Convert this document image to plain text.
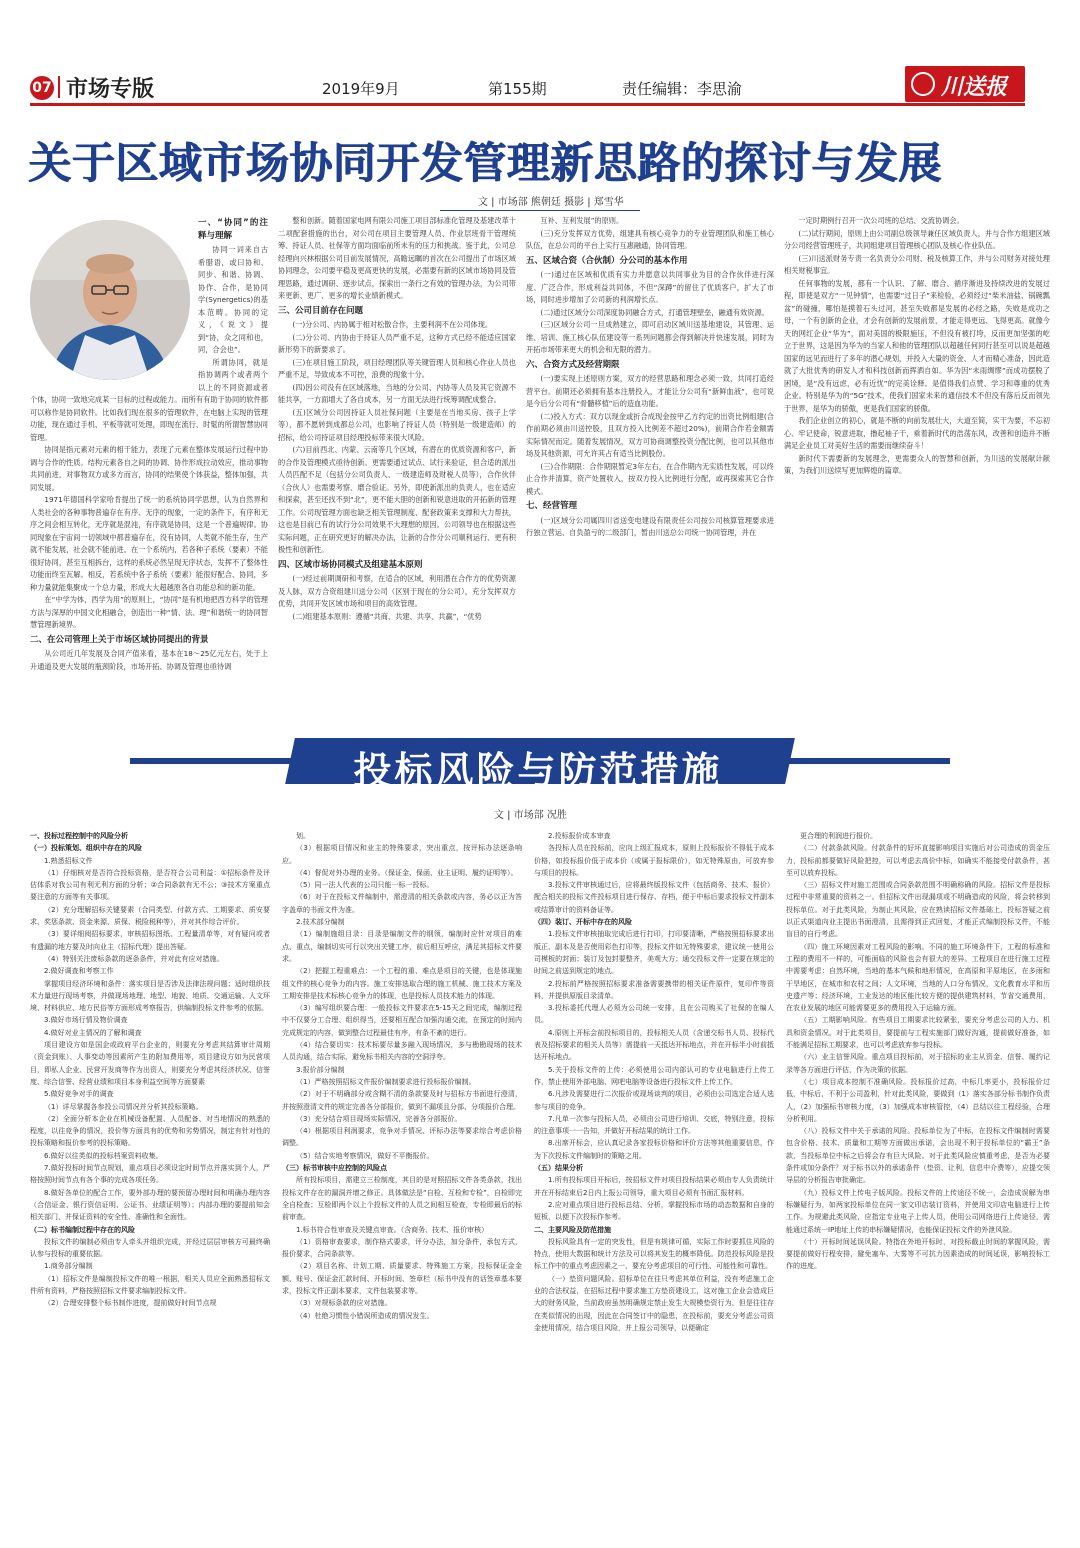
07 市场专版	2019年9月	第155期	责任编辑：李思渝	川送报
关于区域市场协同开发管理新思路的探讨与发展
文 | 市场部 熊朝廷 摄影 | 郑雪华
一、“协同”的注释与理解

协同一词来自古希腊语，或曰协和、同步、和谐、协调、协作、合作，是协同学(Synergetics)的基本范畴。协同的定义，《说文》提到“协，众之同和也，同，合会也”。

所谓协同，就是指协调两个或者两个以上的不同资源或者个体，协同一致地完成某一目标的过程或能力。而所有有助于协同的软件都可以称作是协同软件。比如我们现在很多的管理软件，在电脑上实现的管理功能，现在通过手机、平板等就可处理，即现在流行、时髦的所谓智慧协同管理。

协同是指元素对元素的相干能力，表现了元素在整体发展运行过程中协调与合作的性质。结构元素各自之间的协调、协作形成拉动效应，推动事物共同前进，对事物双方或多方而言，协同的结果使个体获益，整体加强，共同发展。

1971年德国科学家哈肯提出了统一的系统协同学思想，认为自然界和人类社会的各种事物普遍存在有序、无序的现象，一定的条件下，有序和无序之间会相互转化，无序就是混沌，有序就是协同，这是一个普遍规律。协同现象在宇宙间一切领域中都普遍存在，没有协同，人类就不能生存，生产就不能发展，社会就不能前进。在一个系统内，若各种子系统（要素）不能很好协同，甚至互相拆台，这样的系统必然呈现无序状态，发挥不了整体性功能而终至瓦解。相反，若系统中各子系统（要素）能很好配合、协同，多种力量就能集聚成一个总力量，形成大大超越原各自功能总和的新功能。

在“中学为体，西学为用”的原则上，“协同”是有机地把西方科学的管理方法与深厚的中国文化相融合，创造出一种“情、法、理”和谐统一的协同智慧管理新境界。

二、在公司管理上关于市场区域协同提出的背景

从公司近几年发展及合同产值来看，基本在18～25亿元左右，处于上升通道及更大发展的瓶颈阶段，市场开拓、协调及管理也亟待调

整和创新。随着国家电网有限公司施工项目部标准化管理及基建改革十二项配套措施的出台，对公司在项目主要管理人员、作业层班骨干管理统筹、持证人员、社保等方面均面临前所未有的压力和挑战。鉴于此，公司总经理向兴林根据公司目前发展情况，高瞻远瞩的首次在公司提出了市场区域协同理念，公司要平稳及更高更快的发展，必需要有新的区域市场协同及管理思路，通过调研、逐步试点，探索出一条行之有效的管理办法，为公司带来更新、更广、更多的增长业绩新模式。

三、公司目前存在问题

(一)分公司、内协属于相对松散合作，主要利润不在公司体现。

(二)分公司、内协由于持证人员严重不足，这种方式已经不能适应国家新形势下的新要求了。

(三)在项目施工阶段，项目经理团队等关键管理人员和核心作业人员也严重不足，导致成本不可控，浪费的现象十分。

(四)因公司没有在区域落地，当地的分公司、内协等人员及其它资源不能共享，一方面增大了各自成本，另一方面无法进行统筹调配成整合。

(五)区域分公司因持证人员社保问题（主要是在当地买房、孩子上学等），都不愿转到成都总公司，也影响了持证人员（特别是一级建造师）的招标，给公司持证项目经理投标带来很大风险。

(六)目前西北、内蒙、云南等几个区域，有潜在的优质资源和客户，新的合作及管理模式亟待创新。更需要通过试点、试行来验证，但合适的派出人员匹配不足（包括分公司负责人、一级建造师及财税人员等），合作伙伴（合伙人）也需要考察、磨合验证。另外，即使新派出的负责人，也在适应和探索，甚至还找不到“北”，更不能大胆的创新和锐意进取的开拓新的管理工作。公司现管理方面也缺乏相关管理制度、配套政策来支撑和大力帮扶，这也是目前已有的试行分公司效果不大理想的原因。公司领导也在根据这些实际问题，正在研究更好的解决办法，让新的合作分公司顺利运行、更有积极性和创新性。

四、区域市场协同模式及组建基本原则

(一)经过前期调研和考察，在适合的区域，利用潜在合作方的优势资源及人脉，双方合资组建川送分公司（区别于现在的分公司），充分发挥双方优势，共同开发区域市场和项目的高效管理。

(二)组建基本原则：遵循“共商、共建、共享、共赢”，“优势

互补、互利发展”的原则。

(三)充分发挥双方优势，组建具有核心竞争力的专业管理团队和施工核心队伍，在总公司的平台上实行互惠融通，协同管理。

五、区域合资（合伙制）分公司的基本作用

(一)通过在区域和优质有实力并愿意以共同事业为目的合作伙伴进行深度、广泛合作，形成利益共同体，不但“深蹲”的留住了优质客户，扩大了市场，同时进步增加了公司新的利润增长点。

(二)通过区域分公司深度协同融合方式，打通管理壁垒，融通有效资源。

(三)区域分公司一旦成熟建立，即可启动区域川送基地建设，其管理、运维、培训、施工核心队伍建设等一系列问题都会得到解决并快速发展，同时为开拓市场带来更大的机会和无限的潜力。

六、合资方式及经营期限

(一)要实现上述原则方案，双方的经营思路和理念必须一致，共同打造经营平台。前期还必须拥有基本注册投入，才能让分公司有“新鲜血液”，也可说是今后分公司有“骨髓移植”后的造血功能。

(二)投入方式：双方以现金或折合成现金按甲乙方约定的出资比例组建(合作前期必须由川送控股，且双方投入比例差不超过20%)，前期合作若金额需实际情况而定。随着发展情况，双方可协商调整投资分配比例，也可以其他市场及其他资源，可允许其占有适当比例股份。

(三)合作期限：合作期限暂定3年左右，在合作期内无实质性发展，可以终止合作并清算，资产处置收入，按双方投入比例进行分配，或再探索其它合作模式。

七、经营管理

(一)区域分公司属四川省送变电建设有限责任公司按公司核算管理要求进行独立营运、自负盈亏的二级部门，暂由川送总公司统一协同管理，并在

一定时期例行召开一次公司班的总结、交流协调会。

(二)试行期间，原则上由公司副总级领导兼任区域负责人，并与合作方组建区域分公司经营管理班子，共同组建项目管理核心团队及核心作业队伍。

(三)川送派财务专责一名负责分公司财、税及核算工作，并与公司财务对接处理相关财税事宜。

任何事物的发展，都有一个认识、了解、磨合、循序渐进及持续改进的发展过程，即使是双方“一见钟情”，也需要“过日子”来检验，必须经过“柴米油盐、锅碗瓢盆”的碰撞，哪怕是摸着石头过河，甚至失败都是发展的必经之路，失败是成功之母，一个有创新的企业，才会有创新的发展前景，才能走得更远、飞得更高。就像今天的网红企业“华为”，面对美国的极限施压，不但没有被打垮，反而更加坚强的屹立于世界，这是因为华为的当家人和他的管理团队以超越任何同行甚至可以说是超越国家的远见而进行了多年的潜心规划，并投入大量的资金、人才而精心准备，因此造就了大批优秀的研发人才和科技创新而挥洒自如。华为因“未雨绸缪”而成功摆脱了困境，是“没有远虑，必有近忧”的完美诠释。是值得我们点赞、学习和尊重的优秀企业。特别是华为的“5G”技术，使我们国家未来的通信技术不但没有落后反而领先于世界，是华为的骄傲，更是我们国家的骄傲。

我们企业创立的初心，就是不断的向前发展壮大，大道至简，实干为要，不忘初心、牢记使命，锐意进取，撸起袖子干，乘着新时代的浩荡东风，改善和创造并不断满足企业员工对美好生活的需要而继续奋斗！

新时代下需要新的发展理念，更需要众人的智慧和创新，为川送的发展献计献策，为我们川送续写更加辉煌的篇章。

投标风险与防范措施
文 | 市场部 况胜

一、投标过程控制中的风险分析

（一）投标策划、组织中存在的风险

1.熟悉招标文件

（1）仔细核对是否符合投标资格，是否符合公司利益：①招标条件及评估体系对我公司有利无利方面的分析；②合同条款有无不公；③技术方案重点要注意的方面等有关事项。

（2）充分理解招标关键要素（合同类型、付款方式、工期要求、质安要求、奖惩条款、资金来源、质保、税险税种等），并对其作综合评价。

（3）要详细阅招标要求，审核招标图纸、工程量清单等，对有疑问或者有遗漏的地方要及时向业主（招标代理）提出答疑。

（4）特别关注废标条款的逐条条件，并对此有应对措施。

2.做好调查和考察工作

掌握项目经济环境和条件：落实项目是否涉及法律法规问题；适时组织技术力量进行现场考察，并做现场地理、地型、地貌、地质、交通运输、人文环境、材料供应、地方民俗等方面形成考察报告，供编制投标文件参考的依据。

3.做好市场行情及物价调查

4.做好对业主情况的了解和调查

项目建设方如是国企或政府平台企业的，则要充分考虑其结算审计周期（资金到账）、人事变动等因素所产生的附加费用等，项目建设方如为民营项目，即私人企业、民营开发商等作为出资人，则要充分考虑其经济状况、信誉度、综合信誉、经营业绩和项目本身利益空间等方面要素

5.做好竞争对手的调查

（1）详尽掌握各参投公司情况并分析其投标策略。

（2）全面分析本企业在机械设备配置、人员配备、对当地情况的熟悉的程度，以往竞争的情况，投价等方面具有的优势和劣势情况，制定有针对性的投标策略和报价参考的投标策略。

6.做好以往类似的投标档案资料收集。

7.做好投标时间节点规划，重点项目必须设定时间节点并落实到个人，严格按照时间节点有各个事的完成各项任务。

8.做好各单位的配合工作，要外部办理的要预留办理时间和明确办理内容（合信证金、银行资信证明、公证书、业绩证明等）；内部办理的要提前知会相关部门，并保证资料的安全性、准确性和全面性。

（二）标书编制过程中存在的风险

投标文件的编制必须由专人牵头并组织完成，并经过层层审核方可最终确认参与投标的重要依据。

1.商务部分编制

（1）招标文件是编制投标文件的唯一根据，相关人员应全面熟悉招标文件所有资料，严格按照招标文件要求编制投标文件。

（2）合理安排整个标书制作进度，提前做好时间节点规

划。

（3）根据项目情况和业主的特殊要求，突出重点，按评标办法逐条响应。

（4）督促对外办理的业务。（保证金、保函、业主证明、履约证明等）。

（5）同一法人代表的公司只能一标一投标。

（6）对于在投标文件编制中，需澄清的相关条款或内容，务必以正为答字盖章的书面文件为准。

2.技术部分编制

（1）编制施组目录：目录是编制文件的纲领，编制时应针对项目的难点、重点，编制切实可行以突出关键工序，前后相互呼应，满足其招标文件要求。

（2）把握工程重难点：一个工程的重、难点是项目的关键，也是体现施组文件的核心竞争力的内容。施工安排选取合理的施工机械、施工技术方案及工期安排是技术标核心竞争力的体现，也是投标人员技术能力的体现。

（3）编写组织要合理：一般投标文件要求在5-15天之间完成，编制过程中不仅要分工合理、组织得当，还要相互配合加强沟通交流，在预定的时间内完成规定的内容，做到整合过程最佳有序，有条不紊的进行。

（4）结合要切实：技术标要尽量多融入现场情况，多与勘勘现场的技术人员沟通，结合实际，避免标书相关内容的空洞浮夸。

3.报价部分编制

（1）严格按照招标文件报价编制要求进行投标报价编制。

（2）对于不明确部分或含糊不清的条款要及时与招标方书面进行澄清，并按照澄清文件的规定完善各分部报价，做到不漏项且分部、分项报价合理。

（3）充分结合项目现场实际情况，完善各分部报价。

（4）根据项目利润要求，竞争对手情况、评标办法等要求综合考虑价格调整。

（5）结合实地考察情况，做好不平衡报价。

（三）标书审核中应控制的风险点

所有投标项目，需建立三检制度，其目的是对照招标文件各类条款，找出投标文件存在的漏洞并增之修正。具体做法是“自检、互检和专检”，自检即完全自检查；互检即两个以上个投标文件的人员之间相互检查，专检即最后的标前审查。

1.标书符合性审查及关键点审查。（含商务、技术、报价审核）

（1）资格审查要求，制作格式要求，评分办法，加分条件，承包方式，报价要求，合同条款等。

（2）项目名称、计划工期、质量要求、特殊施工方案，投标保证金金额、账号、保证金汇款时间、开标时间、签章栏（标书中没有的话签章基本要求，投标文件正副本要求，文件包装要求等。

（3）对规标条款的应对措施。

（4）杜绝习惯性小错误所造成的情况发生。

2.投标报价成本审查

各投标人员在投标前，应向上级汇报成本，原则上投标报价不得低于成本价格，如投标报价低于成本价（或属于报标限价），如无特殊原由，可放弃参与项目的投标。

3.投标文件审核通过后，应将最终版投标文件（包括商务、技术、报价）配合相关的投标文件投标项目进行保存、存档，便于中标后要求投标文件副本或结算审计的资料备证等。

（四）装订、开标中存在的风险

1.投标文件审核抽取完成后进行打印，打印要清晰，严格按照招标要求出版正、副本及是否使用彩色打印等，投标文件如无特殊要求，建议统一使用公司模板的封面；装订及包封要整齐，美观大方；通交投标文件一定要在规定的时间之前送到规定的地点。

2.投标前严格按照招标要求准备需要携带的相关证件原件，复印件等资料，并提供原版目录清单。

3.投标委托代理人必须为公司统一安排，且在公司购买了社保的在编人员。

4.原则上开标会前投标项目的，投标相关人员（含递交标书人员、投标代表及招标要求的相关人员等）需提前一天抵达开标地点，并在开标半小时前抵达开标地点。

5.关于投标文件的上传：必须使用公司内部认可的专业电脑进行上传工作，禁止使用外部电脑、网吧电脑等设备进行投标文件上传工作。

6.凡涉及需要进行二次报价或现场谈判的项目，必须由公司选定合适人选参与项目的竞争。

7.凡单一次参与投标人员，必须由公司进行培训、交底，特别注意，投标的注意事项一一告知，并做好开标结果的统计工作。

8.出席开标会，应认真记录各家投标价格和评价方法等其他重要信息，作为下次投标文件编制时的策略之用。

（五）结果分析

1.所有投标项目开标后，按招标文件对项目投标结果必须由专人负责统计并在开标结束后2日内上报公司领导，重大项目必须有书面汇报材料。

2.应对重点项目进行投标总结、分析，掌握投标市场的动态数据和自身的短板，以便下次投标作参考。

二、主要风险及防范措施

投标风险具有一定的突发性，但是有规律可循，实际工作时要抓住风险的特点，使用大数据和统计方法及可以将其发生的概率降低。防范投标风险是投标工作中的重点考虑因素之一，要充分考虑项目的可行性、可能性和可靠性。

（一）垫资问题风险。招标单位在往只考虑其单位利益，没有考虑施工企业的合法权益，在招标过程中要求施工方垫资建设工，这对施工企业会造成巨大的财务风险，当前政府虽然明确规定禁止发生大规模垫资行为，但是往往存在类似情况的出现，因此在合同签订中的隐患，在投标前，要充分考虑公司资金使用情况，结合项目风险，并上报公司领导，以便确定

更合理的利润进行报价。

（二）付款条款风险。付款条件的好坏直接影响项目实施后对公司造成的资金压力，投标前都要做好风险把控，可以考虑去高价中标，如确实不能接受付款条件，甚至可以放弃投标。

（三）招标文件对施工范围或合同条款范围不明确称确的风险。招标文件是投标过程中非常重要的资料之一。但招标文件出现漏项或不明确造成的风险，将会转移到投标单位。对于此类风险，为制止其风险，应在熟读招标文件基础上，投标答疑之前以正式渠道向业主提出书面澄清，且需得到正式回复，才能正式编制投标文件，不能盲目的自行考虑。

（四）施工环境因素对工程风险的影响。不同的施工环境条件下，工程的标准和工程的费用不一样的，可能面临的风险也会有很大的差异。工程项目在进行施工过程中需要考虑：自然环境，当地的基本气候和地形情况，在高原和平原地区，在多雨和干旱地区，在城市和农村之间；人文环境，当地的人口分布情况，文化教育水平和历史遗产等；经济环境，工业发达的地区能比较方便的提供建筑材料，节省交通费用，在农业发展的地区可能需要更多的费用投入于运输方面。

（五）工期影响风险。有些项目工期要求比较紧张，要充分考虑公司的人力、机具和资金情况。对于此类项目，要提前与工程实施部门做好沟通，提前做好准备，如不能满足招标工期要求，也可以考虑放弃参与投标。

（六）业主信誉风险。重点项目投标前，对于招标的业主从资金、信誉、履约记录等各方面进行评估，作为决策的依据。

（七）项目成本控制不准确风险。投标报价过高，中标几率更小，投标报价过低，中标后，不利于公司盈利，针对此类风险，要做到（1）落实各部分标书制作负责人，（2）加强标书审核力度，（3）加强成本审核管控，（4）总结以往工程经验，合理分析利用。

（八）投标文件中关于承诺的风险。投标单位为了中标，在投标文件编制时需要包含价格、技术、质量和工期等方面做出承诺，会出现不利于投标单位的“霸王”条款，当投标单位中标之后将会存有巨大风险。对于此类风险应慎重考虑，是否为必要条件或加分条件？对于标书以外的承诺条件（垫资、让利，信息中介费等），应提交领导层的分析报告审批确定。

（九）投标文件上传电子版风险。投标文件的上传途径不统一，会造成误解为串标嫌疑行为，如两家投标单位在同一家文印店装订资料，并使用文印店电脑进行上传工作。为规避此类风险，应指定专业电子上传人员，使用公司网络进行上传途径，需能通过系统一IP地址上传的串标嫌疑情况，也能保证投标文件的外泄风险。

（十）开标时间延误风险。特指在外地开标时，对投标截止时间的掌握风险，需要提前做好行程安排，避免塞车、大雾等不可抗力因素造成的时间延误，影响投标工作的进度。
